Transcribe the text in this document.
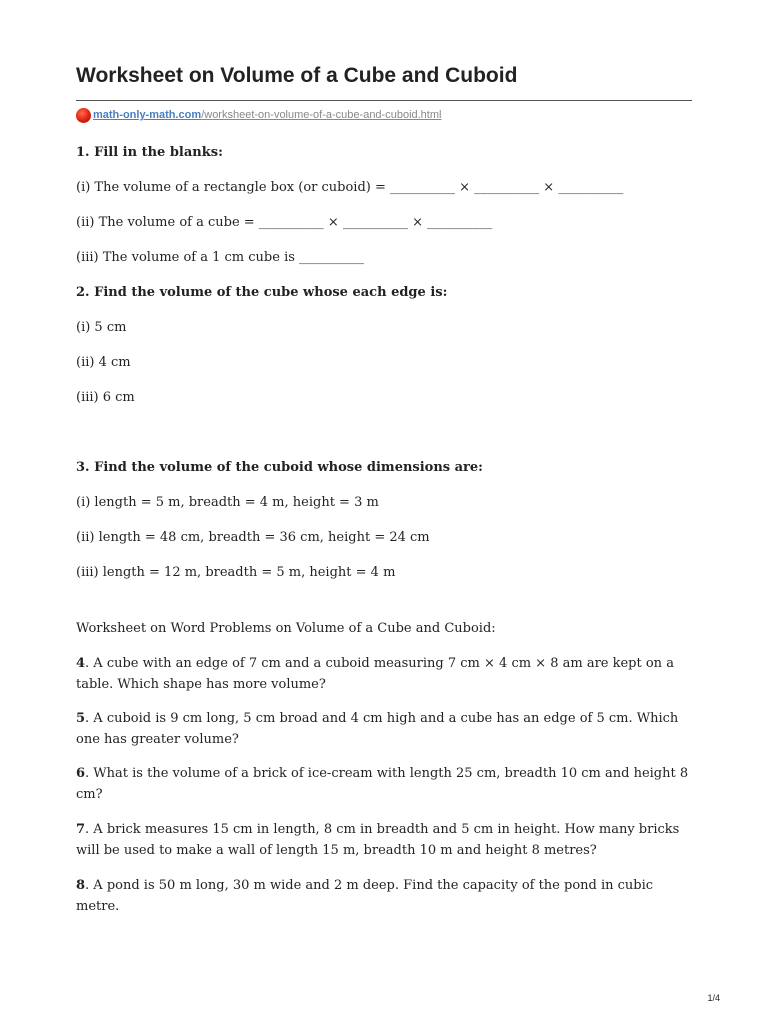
Worksheet on Volume of a Cube and Cuboid
math-only-math.com /worksheet-on-volume-of-a-cube-and-cuboid.html

1. Fill in the blanks:

(i) The volume of a rectangle box (or cuboid) = __________ × __________ × __________

(ii) The volume of a cube = __________ × __________ × __________

(iii) The volume of a 1 cm cube is __________

2. Find the volume of the cube whose each edge is:

(i) 5 cm

(ii) 4 cm

(iii) 6 cm

3. Find the volume of the cuboid whose dimensions are:

(i) length = 5 m, breadth = 4 m, height = 3 m

(ii) length = 48 cm, breadth = 36 cm, height = 24 cm

(iii) length = 12 m, breadth = 5 m, height = 4 m

Worksheet on Word Problems on Volume of a Cube and Cuboid:

4. A cube with an edge of 7 cm and a cuboid measuring 7 cm × 4 cm × 8 am are kept on a table. Which shape has more volume?

5. A cuboid is 9 cm long, 5 cm broad and 4 cm high and a cube has an edge of 5 cm. Which one has greater volume?

6. What is the volume of a brick of ice-cream with length 25 cm, breadth 10 cm and height 8 cm?

7. A brick measures 15 cm in length, 8 cm in breadth and 5 cm in height. How many bricks will be used to make a wall of length 15 m, breadth 10 m and height 8 metres?

8. A pond is 50 m long, 30 m wide and 2 m deep. Find the capacity of the pond in cubic metre.

1/4
